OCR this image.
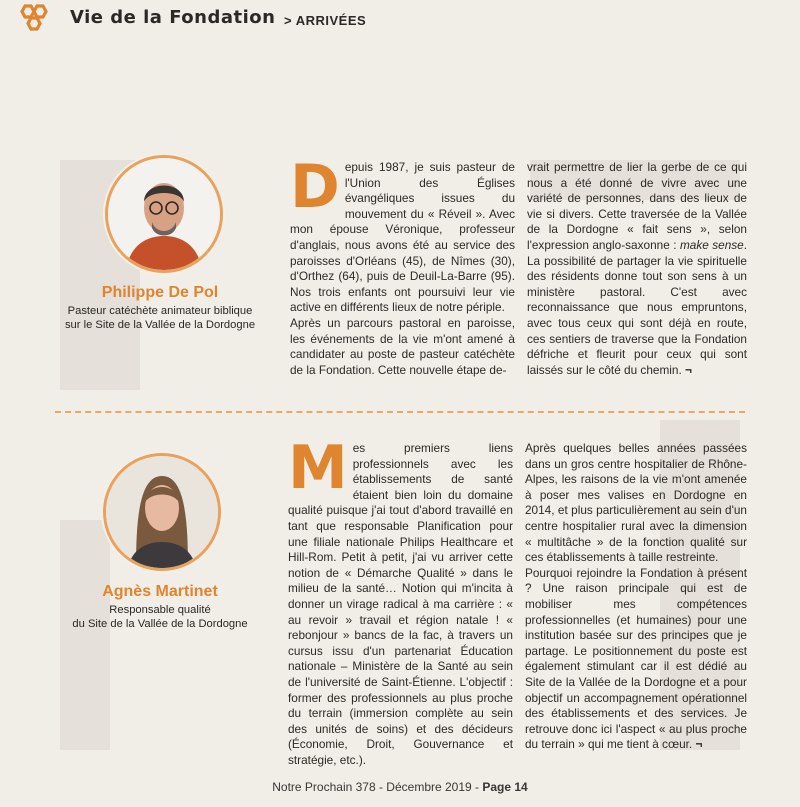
Vie de la Fondation > ARRIVÉES
Philippe De Pol
Pasteur catéchète animateur biblique
sur le Site de la Vallée de la Dordogne
D epuis 1987, je suis pasteur de l'Union des Églises évangéliques issues du mouvement du « Réveil ». Avec mon épouse Véronique, professeur d'anglais, nous avons été au service des paroisses d'Orléans (45), de Nîmes (30), d'Orthez (64), puis de Deuil-La-Barre (95). Nos trois enfants ont poursuivi leur vie active en différents lieux de notre périple.

Après un parcours pastoral en paroisse, les événements de la vie m'ont amené à candidater au poste de pasteur catéchète de la Fondation. Cette nouvelle étape de-

vrait permettre de lier la gerbe de ce qui nous a été donné de vivre avec une variété de personnes, dans des lieux de vie si divers. Cette traversée de la Vallée de la Dordogne « fait sens », selon l'expression anglo-saxonne : make sense. La possibilité de partager la vie spirituelle des résidents donne tout son sens à un ministère pastoral. C'est avec reconnaissance que nous empruntons, avec tous ceux qui sont déjà en route, ces sentiers de traverse que la Fondation défriche et fleurit pour ceux qui sont laissés sur le côté du chemin. ¬

Agnès Martinet
Responsable qualité
du Site de la Vallée de la Dordogne
M es premiers liens professionnels avec les établissements de santé étaient bien loin du domaine qualité puisque j'ai tout d'abord travaillé en tant que responsable Planification pour une filiale nationale Philips Healthcare et Hill-Rom. Petit à petit, j'ai vu arriver cette notion de « Démarche Qualité » dans le milieu de la santé… Notion qui m'incita à donner un virage radical à ma carrière : « au revoir » travail et région natale ! « rebonjour » bancs de la fac, à travers un cursus issu d'un partenariat Éducation nationale – Ministère de la Santé au sein de l'université de Saint-Étienne. L'objectif : former des professionnels au plus proche du terrain (immersion complète au sein des unités de soins) et des décideurs (Économie, Droit, Gouvernance et stratégie, etc.).

Après quelques belles années passées dans un gros centre hospitalier de Rhône-Alpes, les raisons de la vie m'ont amenée à poser mes valises en Dordogne en 2014, et plus particulièrement au sein d'un centre hospitalier rural avec la dimension « multitâche » de la fonction qualité sur ces établissements à taille restreinte.

Pourquoi rejoindre la Fondation à présent ? Une raison principale qui est de mobiliser mes compétences professionnelles (et humaines) pour une institution basée sur des principes que je partage. Le positionnement du poste est également stimulant car il est dédié au Site de la Vallée de la Dordogne et a pour objectif un accompagnement opérationnel des établissements et des services. Je retrouve donc ici l'aspect « au plus proche du terrain » qui me tient à cœur. ¬

Notre Prochain 378 - Décembre 2019 - Page 14
